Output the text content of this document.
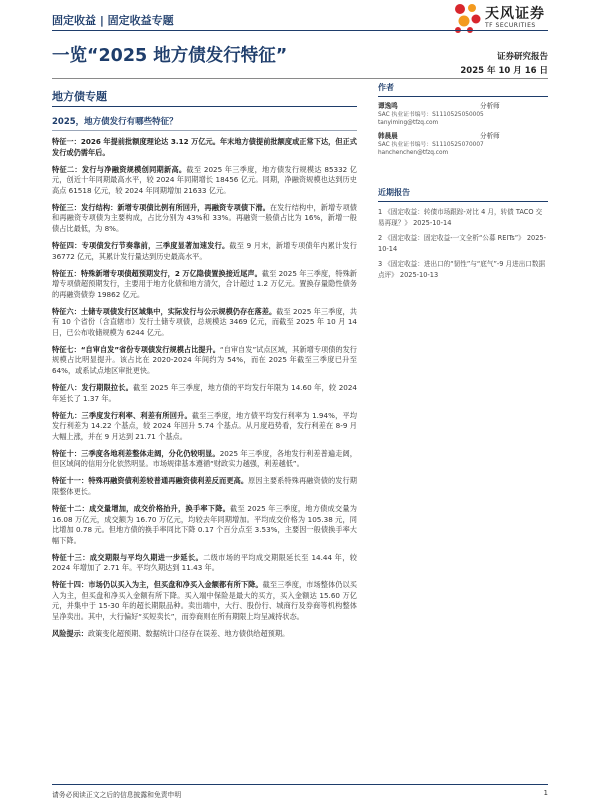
固定收益 | 固定收益专题	天风证券
TF SECURITIES
一览“2025 地方债发行特征”	证券研究报告
2025 年 10 月 16 日
地方债专题
2025，地方债发行有哪些特征？
特征一：2026 年提前批额度理论达 3.12 万亿元。年末地方债提前批额度或正常下达，但正式发行或仍需年后。
特征二：发行与净融资规模创同期新高。截至 2025 年三季度，地方债发行规模达 85332 亿元，创近十年同期最高水平，较 2024 年同期增长 18456 亿元。同期，净融资规模也达到历史高点 61518 亿元，较 2024 年同期增加 21633 亿元。
特征三：发行结构：新增专项债比例有所回升，再融资专项债下滑。在发行结构中，新增专项债和再融资专项债为主要构成，占比分别为 43%和 33%。再融资一般债占比为 16%，新增一般债占比最低，为 8%。
特征四：专项债发行节奏靠前，三季度显著加速发行。截至 9 月末，新增专项债年内累计发行 36772 亿元，其累计发行量达到历史最高水平。
特征五：特殊新增专项债超预期发行，2 万亿隐债置换接近尾声。截至 2025 年三季度，特殊新增专项债超预期发行，主要用于地方化债和地方清欠，合计超过 1.2 万亿元。置换存量隐性债务的再融资债券 19862 亿元。
特征六：土储专项债发行区域集中，实际发行与公示规模仍存在落差。截至 2025 年三季度，共有 10 个省份（含直辖市）发行土储专项债，总规模达 3469 亿元，而截至 2025 年 10 月 14 日，已公布收储规模为 6244 亿元。
特征七：“自审自发”省份专项债发行规模占比提升。“自审自发”试点区域，其新增专项债的发行规模占比明显提升。该占比在 2020-2024 年间约为 54%，而在 2025 年截至三季度已升至 64%，或系试点地区审批更快。
特征八：发行期限拉长。截至 2025 年三季度，地方债的平均发行年限为 14.60 年，较 2024 年延长了 1.37 年。
特征九：三季度发行利率、利差有所回升。截至三季度，地方债平均发行利率为 1.94%，平均发行利差为 14.22 个基点，较 2024 年回升 5.74 个基点。从月度趋势看，发行利差在 8-9 月大幅上涨，并在 9 月达到 21.71 个基点。
特征十：三季度各地利差整体走阔，分化仍较明显。2025 年三季度，各地发行利差普遍走阔，但区域间的信用分化依然明显。市场规律基本遵循“财政实力越强，利差越低”。
特征十一：特殊再融资债利差较普通再融资债利差反而更高。原因主要系特殊再融资债的发行期限整体更长。
特征十二：成交量增加，成交价格抬升，换手率下降。截至 2025 年三季度，地方债成交量为 16.08 万亿元，成交额为 16.70 万亿元，均较去年同期增加。平均成交价格为 105.38 元，同比增加 0.78 元。但地方债的换手率同比下降 0.17 个百分点至 3.53%，主要因一般债换手率大幅下降。
特征十三：成交期限与平均久期进一步延长。二级市场的平均成交期限延长至 14.44 年，较 2024 年增加了 2.71 年。平均久期达到 11.43 年。
特征十四：市场仍以买入为主，但买盘和净买入金额都有所下降。截至三季度，市场整体仍以买入为主，但买盘和净买入金额有所下降。买入端中保险是最大的买方，买入金额达 15.60 万亿元，并集中于 15-30 年的超长期限品种。卖出端中，大行、股份行、城商行及券商等机构整体呈净卖出。其中，大行偏好“买短卖长”，而券商则在所有期限上均呈减持状态。
风险提示：政策变化超预期、数据统计口径存在误差、地方债供给超预期。
作者
谭逸鸣	分析师
SAC 执业证书编号：S1110525050005
tanyiming@tfzq.com
韩晨晨	分析师
SAC 执业证书编号：S1110525070007
hanchenchen@tfzq.com
近期报告
1 《固定收益：转债市场跟踪-对比 4 月，转债 TACO 交易再现？》 2025-10-14
2 《固定收益：固定收益-一文全析“公募 REITs”》 2025-10-14
3 《固定收益：进出口的“韧性”与“底气”-9 月进出口数据点评》 2025-10-13
请务必阅读正文之后的信息披露和免责申明	1
